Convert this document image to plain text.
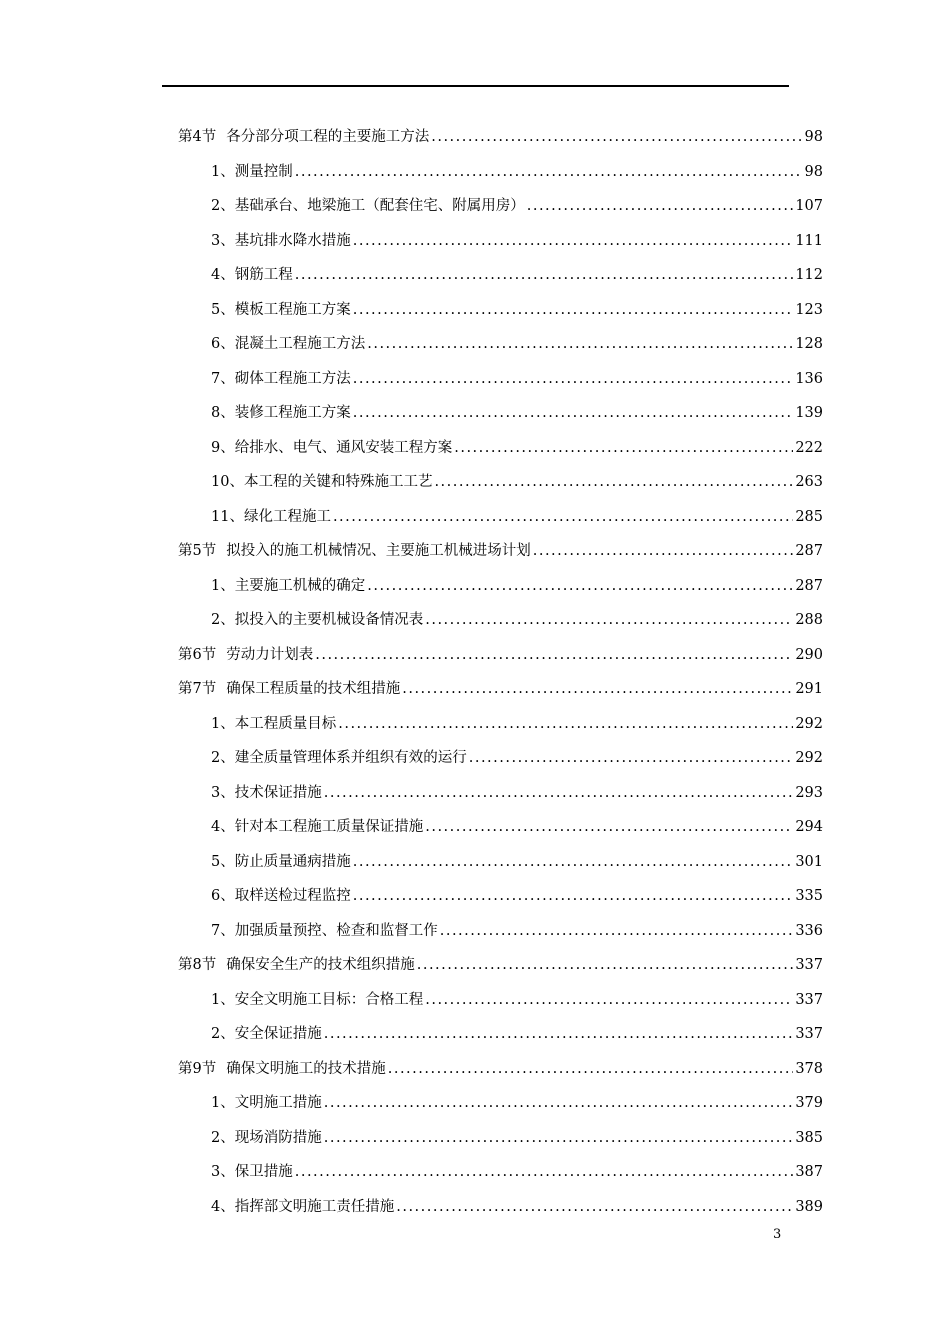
第4节 各分部分项工程的主要施工方法 .....	98
1、 测量控制 .....	98
2、 基础承台、地梁施工（配套住宅、附属用房） .....	107
3、 基坑排水降水措施 .....	111
4、 钢筋工程 .....	112
5、 模板工程施工方案 .....	123
6、 混凝土工程施工方法 .....	128
7、 砌体工程施工方法 .....	136
8、 装修工程施工方案 .....	139
9、 给排水、电气、通风安装工程方案 .....	222
10、 本工程的关键和特殊施工工艺 .....	263
11、 绿化工程施工 .....	285
第5节 拟投入的施工机械情况、主要施工机械进场计划 .....	287
1、 主要施工机械的确定 .....	287
2、 拟投入的主要机械设备情况表 .....	288
第6节 劳动力计划表 .....	290
第7节 确保工程质量的技术组措施 .....	291
1、 本工程质量目标 .....	292
2、 建全质量管理体系并组织有效的运行 .....	292
3、 技术保证措施 .....	293
4、 针对本工程施工质量保证措施 .....	294
5、 防止质量通病措施 .....	301
6、 取样送检过程监控 .....	335
7、 加强质量预控、检查和监督工作 .....	336
第8节 确保安全生产的技术组织措施 .....	337
1、 安全文明施工目标：合格工程 .....	337
2、 安全保证措施 .....	337
第9节 确保文明施工的技术措施 .....	378
1、 文明施工措施 .....	379
2、 现场消防措施 .....	385
3、 保卫措施 .....	387
4、 指挥部文明施工责任措施 .....	389
3
